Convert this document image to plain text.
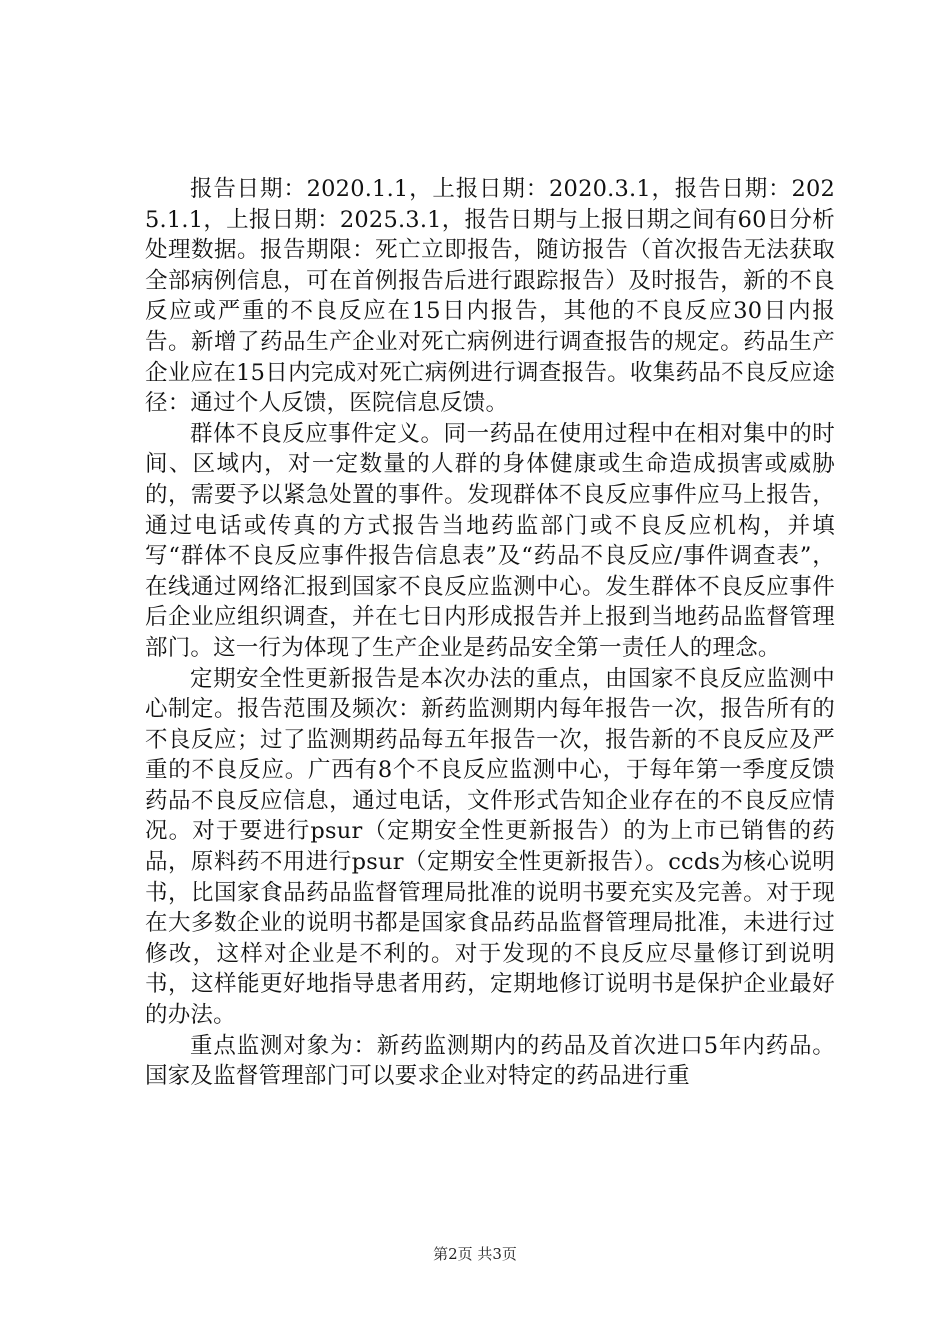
报告日期：2020.1.1，上报日期：2020.3.1，报告日期：2025.1.1，上报日期：2025.3.1，报告日期与上报日期之间有60日分析处理数据。报告期限：死亡立即报告，随访报告（首次报告无法获取全部病例信息，可在首例报告后进行跟踪报告）及时报告，新的不良反应或严重的不良反应在15日内报告，其他的不良反应30日内报告。新增了药品生产企业对死亡病例进行调查报告的规定。药品生产企业应在15日内完成对死亡病例进行调查报告。收集药品不良反应途径：通过个人反馈，医院信息反馈。

群体不良反应事件定义。同一药品在使用过程中在相对集中的时间、区域内，对一定数量的人群的身体健康或生命造成损害或威胁的，需要予以紧急处置的事件。发现群体不良反应事件应马上报告，通过电话或传真的方式报告当地药监部门或不良反应机构，并填写“群体不良反应事件报告信息表”及“药品不良反应/事件调查表”，在线通过网络汇报到国家不良反应监测中心。发生群体不良反应事件后企业应组织调查，并在七日内形成报告并上报到当地药品监督管理部门。这一行为体现了生产企业是药品安全第一责任人的理念。

定期安全性更新报告是本次办法的重点，由国家不良反应监测中心制定。报告范围及频次：新药监测期内每年报告一次，报告所有的不良反应；过了监测期药品每五年报告一次，报告新的不良反应及严重的不良反应。广西有8个不良反应监测中心，于每年第一季度反馈药品不良反应信息，通过电话，文件形式告知企业存在的不良反应情况。对于要进行psur（定期安全性更新报告）的为上市已销售的药品，原料药不用进行psur（定期安全性更新报告）。ccds为核心说明书，比国家食品药品监督管理局批准的说明书要充实及完善。对于现在大多数企业的说明书都是国家食品药品监督管理局批准，未进行过修改，这样对企业是不利的。对于发现的不良反应尽量修订到说明书，这样能更好地指导患者用药，定期地修订说明书是保护企业最好的办法。

重点监测对象为：新药监测期内的药品及首次进口5年内药品。国家及监督管理部门可以要求企业对特定的药品进行重

第2页 共3页
